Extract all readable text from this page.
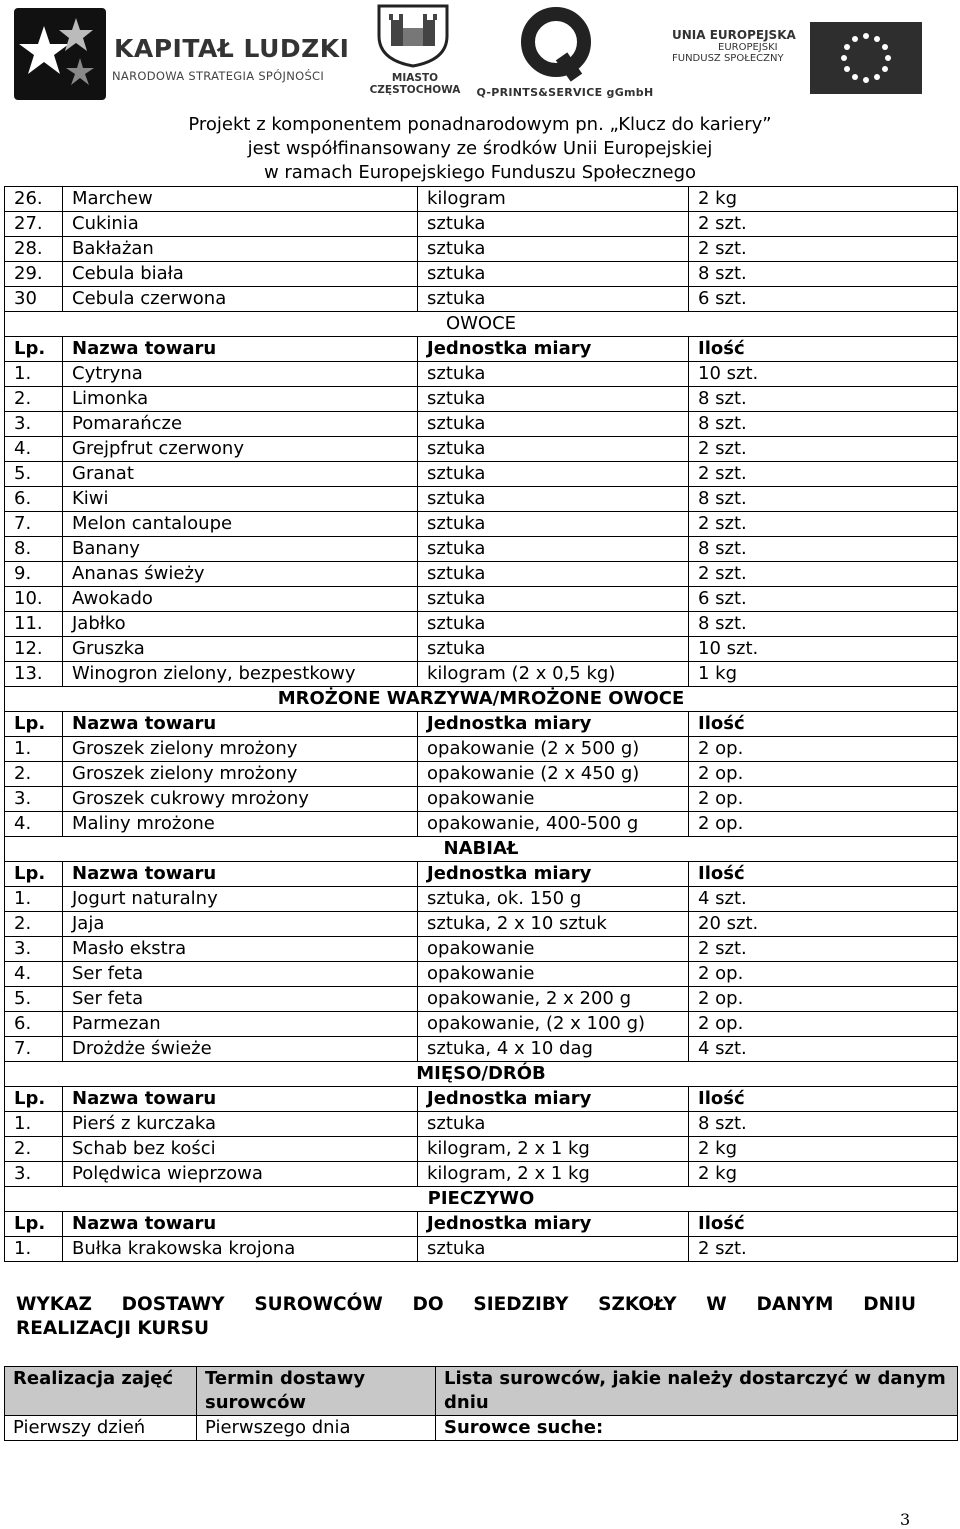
KAPITAŁ LUDZKI
NARODOWA STRATEGIA SPÓJNOŚCI	MIASTO CZĘSTOCHOWA	Q-PRINTS&SERVICE gGmbH
UNIA EUROPEJSKA
EUROPEJSKI
FUNDUSZ SPOŁECZNY
Projekt z komponentem ponadnarodowym pn. „Klucz do kariery”
jest współfinansowany ze środków Unii Europejskiej
w ramach Europejskiego Funduszu Społecznego
26.	Marchew	kilogram	2 kg
27.	Cukinia	sztuka	2 szt.
28.	Bakłażan	sztuka	2 szt.
29.	Cebula biała	sztuka	8 szt.
30	Cebula czerwona	sztuka	6 szt.
OWOCE			
Lp.	Nazwa towaru	Jednostka miary	Ilość
1.	Cytryna	sztuka	10 szt.
2.	Limonka	sztuka	8 szt.
3.	Pomarańcze	sztuka	8 szt.
4.	Grejpfrut czerwony	sztuka	2 szt.
5.	Granat	sztuka	2 szt.
6.	Kiwi	sztuka	8 szt.
7.	Melon cantaloupe	sztuka	2 szt.
8.	Banany	sztuka	8 szt.
9.	Ananas świeży	sztuka	2 szt.
10.	Awokado	sztuka	6 szt.
11.	Jabłko	sztuka	8 szt.
12.	Gruszka	sztuka	10 szt.
13.	Winogron zielony, bezpestkowy	kilogram (2 x 0,5 kg)	1 kg
MROŻONE WARZYWA/MROŻONE OWOCE			
Lp.	Nazwa towaru	Jednostka miary	Ilość
1.	Groszek zielony mrożony	opakowanie (2 x 500 g)	2 op.
2.	Groszek zielony mrożony	opakowanie (2 x 450 g)	2 op.
3.	Groszek cukrowy mrożony	opakowanie	2 op.
4.	Maliny mrożone	opakowanie, 400-500 g	2 op.
NABIAŁ			
Lp.	Nazwa towaru	Jednostka miary	Ilość
1.	Jogurt naturalny	sztuka, ok. 150 g	4 szt.
2.	Jaja	sztuka, 2 x 10 sztuk	20 szt.
3.	Masło ekstra	opakowanie	2 szt.
4.	Ser feta	opakowanie	2 op.
5.	Ser feta	opakowanie, 2 x 200 g	2 op.
6.	Parmezan	opakowanie, (2 x 100 g)	2 op.
7.	Drożdże świeże	sztuka, 4 x 10 dag	4 szt.
MIĘSO/DRÓB			
Lp.	Nazwa towaru	Jednostka miary	Ilość
1.	Pierś z kurczaka	sztuka	8 szt.
2.	Schab bez kości	kilogram, 2 x 1 kg	2 kg
3.	Polędwica wieprzowa	kilogram, 2 x 1 kg	2 kg
PIECZYWO			
Lp.	Nazwa towaru	Jednostka miary	Ilość
1.	Bułka krakowska krojona	sztuka	2 szt.
WYKAZ DOSTAWY SUROWCÓW DO SIEDZIBY SZKOŁY W DANYM DNIU
REALIZACJI KURSU
Realizacja zajęć	Termin dostawy surowców	Lista surowców, jakie należy dostarczyć w danym dniu
Pierwszy dzień	Pierwszego dnia	Surowce suche:
3
